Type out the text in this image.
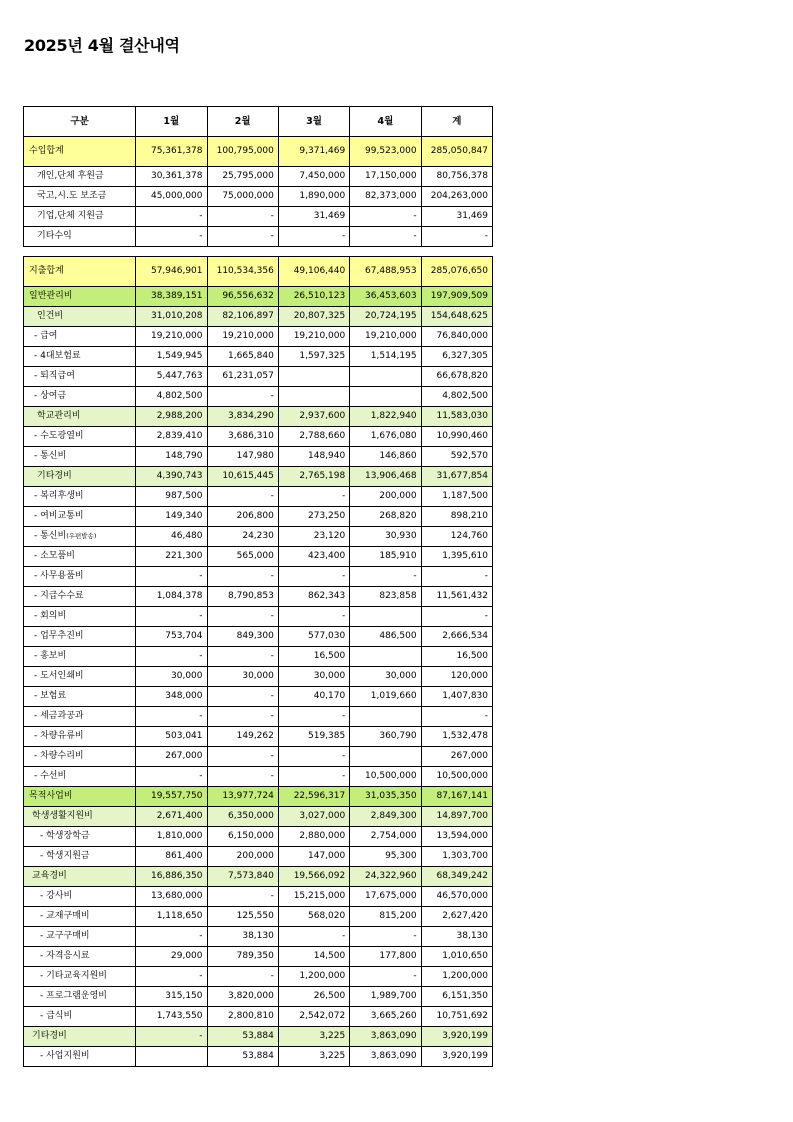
2025년 4월 결산내역
구분	1월	2월	3월	4월	계
수입합계	75,361,378	100,795,000	9,371,469	99,523,000	285,050,847
개인,단체 후원금	30,361,378	25,795,000	7,450,000	17,150,000	80,756,378
국고,시.도 보조금	45,000,000	75,000,000	1,890,000	82,373,000	204,263,000
기업,단체 지원금	-	-	31,469	-	31,469
기타수익	-	-	-	-	-

지출합계	57,946,901	110,534,356	49,106,440	67,488,953	285,076,650
일반관리비	38,389,151	96,556,632	26,510,123	36,453,603	197,909,509
인건비	31,010,208	82,106,897	20,807,325	20,724,195	154,648,625
- 급여	19,210,000	19,210,000	19,210,000	19,210,000	76,840,000
- 4대보험료	1,549,945	1,665,840	1,597,325	1,514,195	6,327,305
- 퇴직급여	5,447,763	61,231,057			66,678,820
- 상여금	4,802,500	-			4,802,500
학교관리비	2,988,200	3,834,290	2,937,600	1,822,940	11,583,030
- 수도광열비	2,839,410	3,686,310	2,788,660	1,676,080	10,990,460
- 통신비	148,790	147,980	148,940	146,860	592,570
기타경비	4,390,743	10,615,445	2,765,198	13,906,468	31,677,854
- 복리후생비	987,500	-	-	200,000	1,187,500
- 여비교통비	149,340	206,800	273,250	268,820	898,210
- 통신비(우편발송)	46,480	24,230	23,120	30,930	124,760
- 소모품비	221,300	565,000	423,400	185,910	1,395,610
- 사무용품비	-	-	-	-	-
- 지급수수료	1,084,378	8,790,853	862,343	823,858	11,561,432
- 회의비	-	-	-		-
- 업무추진비	753,704	849,300	577,030	486,500	2,666,534
- 홍보비	-	-	16,500		16,500
- 도서인쇄비	30,000	30,000	30,000	30,000	120,000
- 보험료	348,000	-	40,170	1,019,660	1,407,830
- 세금과공과	-	-	-		-
- 차량유류비	503,041	149,262	519,385	360,790	1,532,478
- 차량수리비	267,000	-	-		267,000
- 수선비	-	-	-	10,500,000	10,500,000
목적사업비	19,557,750	13,977,724	22,596,317	31,035,350	87,167,141
학생생활지원비	2,671,400	6,350,000	3,027,000	2,849,300	14,897,700
- 학생장학금	1,810,000	6,150,000	2,880,000	2,754,000	13,594,000
- 학생지원금	861,400	200,000	147,000	95,300	1,303,700
교육경비	16,886,350	7,573,840	19,566,092	24,322,960	68,349,242
- 강사비	13,680,000	-	15,215,000	17,675,000	46,570,000
- 교재구매비	1,118,650	125,550	568,020	815,200	2,627,420
- 교구구매비	-	38,130	-	-	38,130
- 자격응시료	29,000	789,350	14,500	177,800	1,010,650
- 기타교육지원비	-	-	1,200,000	-	1,200,000
- 프로그램운영비	315,150	3,820,000	26,500	1,989,700	6,151,350
- 급식비	1,743,550	2,800,810	2,542,072	3,665,260	10,751,692
기타경비	-	53,884	3,225	3,863,090	3,920,199
- 사업지원비		53,884	3,225	3,863,090	3,920,199
